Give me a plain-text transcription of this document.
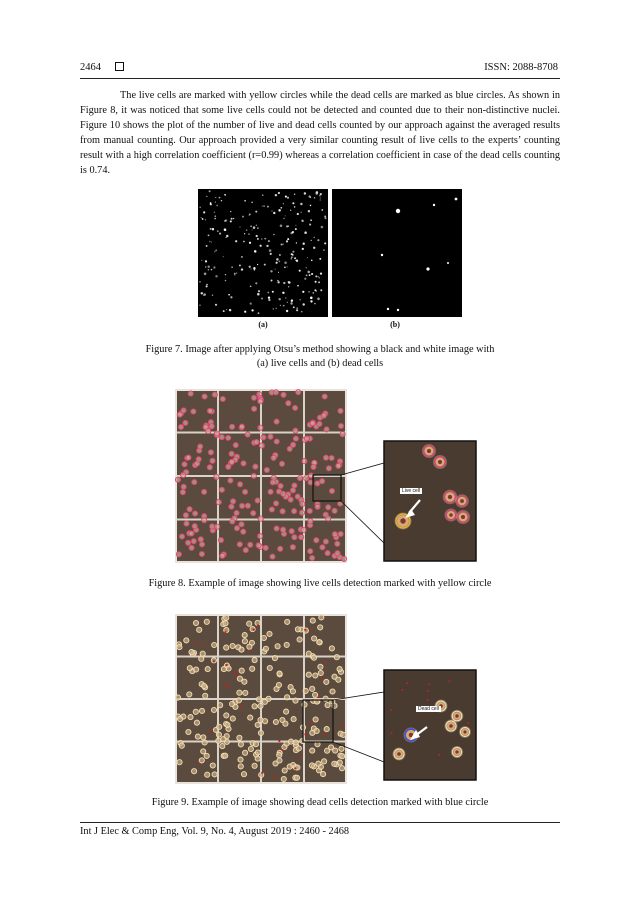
2464	ISSN: 2088-8708

The live cells are marked with yellow circles while the dead cells are marked as blue circles. As shown in Figure 8, it was noticed that some live cells could not be detected and counted due to their non-distinctive nuclei. Figure 10 shows the plot of the number of live and dead cells counted by our approach against the averaged results from manual counting. Our approach provided a very similar counting result of live cells to the experts’ counting result with a high correlation coefficient (r=0.99) whereas a correlation coefficient in case of the dead cells counting is 0.74.

(a)	(b)

Figure 7. Image after applying Otsu’s method showing a black and white image with
(a) live cells and (b) dead cells

Live cell

Figure 8. Example of image showing live cells detection marked with yellow circle

Dead cell

Figure 9. Example of image showing dead cells detection marked with blue circle

Int J Elec & Comp Eng, Vol. 9, No. 4, August 2019 : 2460 - 2468
